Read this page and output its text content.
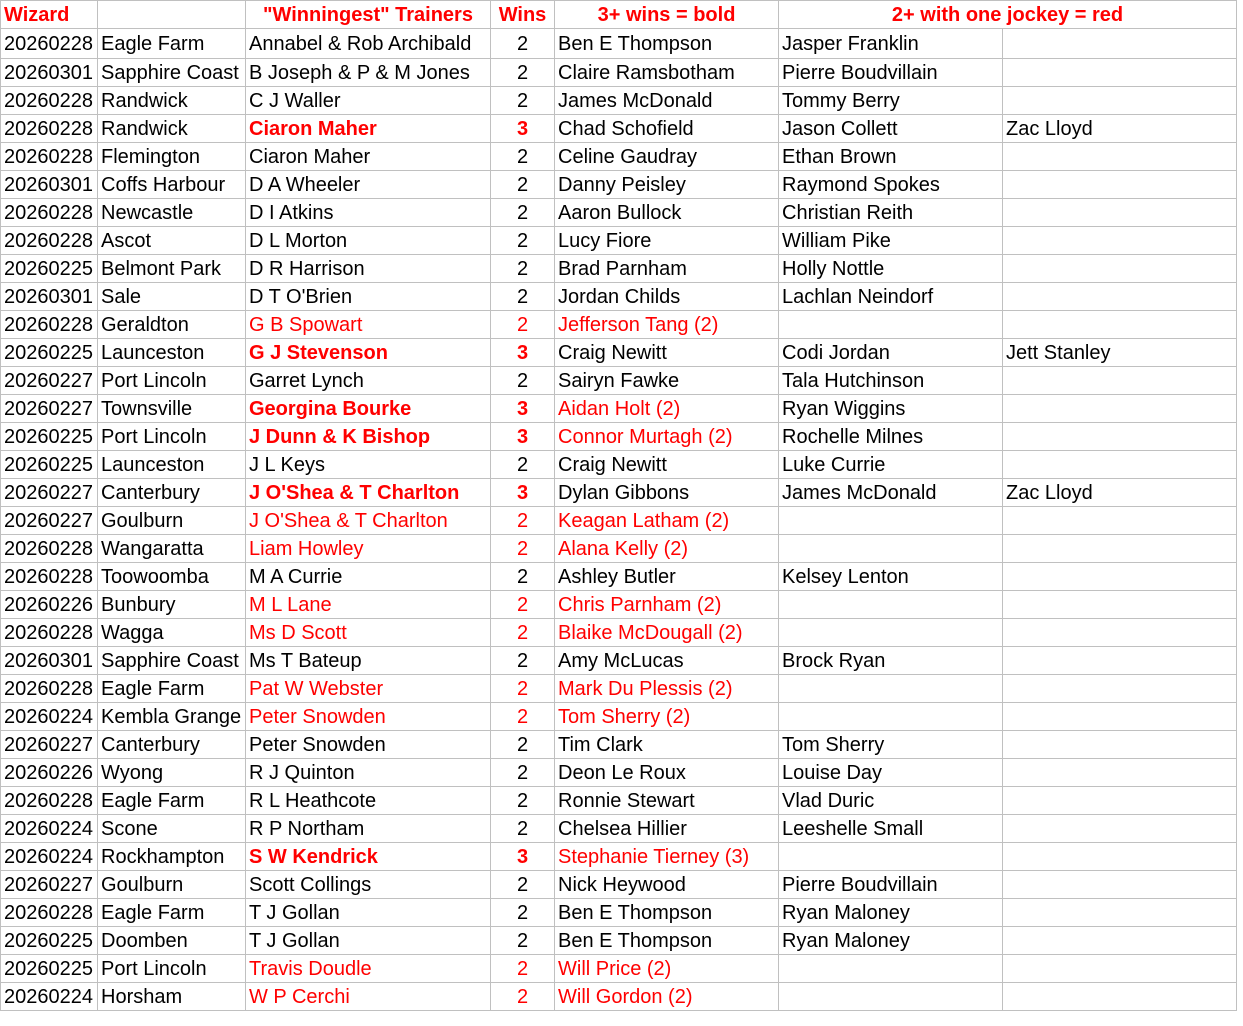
Wizard		"Winningest" Trainers	Wins	3+ wins = bold	2+ with one jockey = red	
20260228	Eagle Farm	Annabel & Rob Archibald	2	Ben E Thompson	Jasper Franklin	
20260301	Sapphire Coast	B Joseph & P & M Jones	2	Claire Ramsbotham	Pierre Boudvillain	
20260228	Randwick	C J Waller	2	James McDonald	Tommy Berry	
20260228	Randwick	Ciaron Maher	3	Chad Schofield	Jason Collett	Zac Lloyd
20260228	Flemington	Ciaron Maher	2	Celine Gaudray	Ethan Brown	
20260301	Coffs Harbour	D A Wheeler	2	Danny Peisley	Raymond Spokes	
20260228	Newcastle	D I Atkins	2	Aaron Bullock	Christian Reith	
20260228	Ascot	D L Morton	2	Lucy Fiore	William Pike	
20260225	Belmont Park	D R Harrison	2	Brad Parnham	Holly Nottle	
20260301	Sale	D T O'Brien	2	Jordan Childs	Lachlan Neindorf	
20260228	Geraldton	G B Spowart	2	Jefferson Tang (2)		
20260225	Launceston	G J Stevenson	3	Craig Newitt	Codi Jordan	Jett Stanley
20260227	Port Lincoln	Garret Lynch	2	Sairyn Fawke	Tala Hutchinson	
20260227	Townsville	Georgina Bourke	3	Aidan Holt (2)	Ryan Wiggins	
20260225	Port Lincoln	J Dunn & K Bishop	3	Connor Murtagh (2)	Rochelle Milnes	
20260225	Launceston	J L Keys	2	Craig Newitt	Luke Currie	
20260227	Canterbury	J O'Shea & T Charlton	3	Dylan Gibbons	James McDonald	Zac Lloyd
20260227	Goulburn	J O'Shea & T Charlton	2	Keagan Latham (2)		
20260228	Wangaratta	Liam Howley	2	Alana Kelly (2)		
20260228	Toowoomba	M A Currie	2	Ashley Butler	Kelsey Lenton	
20260226	Bunbury	M L Lane	2	Chris Parnham (2)		
20260228	Wagga	Ms D Scott	2	Blaike McDougall (2)		
20260301	Sapphire Coast	Ms T Bateup	2	Amy McLucas	Brock Ryan	
20260228	Eagle Farm	Pat W Webster	2	Mark Du Plessis (2)		
20260224	Kembla Grange	Peter Snowden	2	Tom Sherry (2)		
20260227	Canterbury	Peter Snowden	2	Tim Clark	Tom Sherry	
20260226	Wyong	R J Quinton	2	Deon Le Roux	Louise Day	
20260228	Eagle Farm	R L Heathcote	2	Ronnie Stewart	Vlad Duric	
20260224	Scone	R P Northam	2	Chelsea Hillier	Leeshelle Small	
20260224	Rockhampton	S W Kendrick	3	Stephanie Tierney (3)		
20260227	Goulburn	Scott Collings	2	Nick Heywood	Pierre Boudvillain	
20260228	Eagle Farm	T J Gollan	2	Ben E Thompson	Ryan Maloney	
20260225	Doomben	T J Gollan	2	Ben E Thompson	Ryan Maloney	
20260225	Port Lincoln	Travis Doudle	2	Will Price (2)		
20260224	Horsham	W P Cerchi	2	Will Gordon (2)		
